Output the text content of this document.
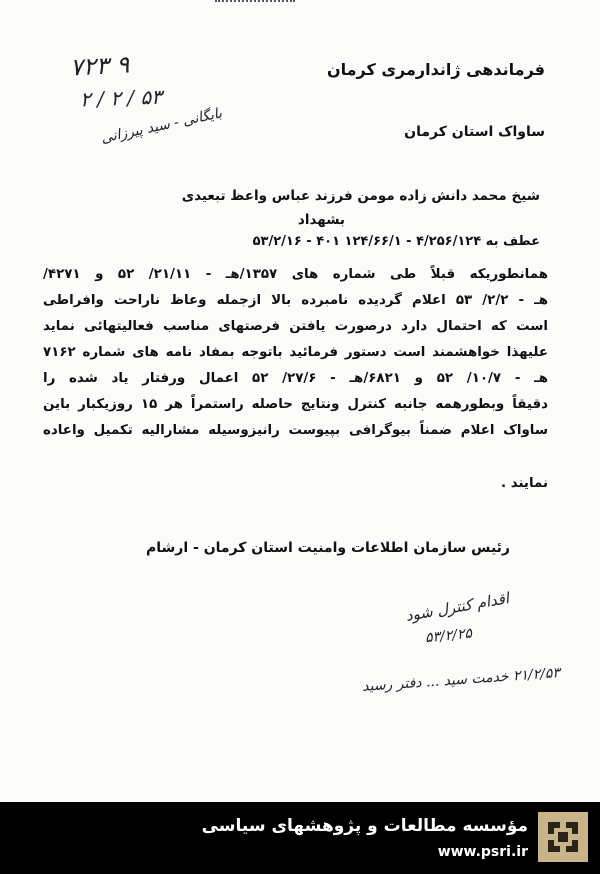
۷۲۳ ۹
۲ / ۲ / ۵۳
فرماندهی ژاندارمری کرمان
بایگانی - سید پیرزانی	ساواک استان کرمان
شیخ محمد دانش زاده مومن فرزند عباس واعظ تبعیدی
بشهداد
عطف به ۴/۲۵۶/۱۲۴ - ۱۲۴/۶۶/۱ ۴۰۱ - ۵۳/۲/۱۶
همانطوریکه قبلاً طی شماره های ۱۳۵۷/هـ - ۲۱/۱۱/ ۵۲ و ۴۲۷۱/
هـ - ۲/۲/ ۵۳ اعلام گردیده نامبرده بالا ازجمله وعاظ ناراحت وافراطی
است که احتمال دارد درصورت یافتن فرصتهای مناسب فعالیتهائی نماید
علیهذا خواهشمند است دستور فرمائید باتوجه بمفاد نامه های شماره ۷۱۶۲
هـ - ۱۰/۷/ ۵۲ و ۶۸۲۱/هـ - ۲۷/۶/ ۵۲ اعمال ورفتار یاد شده را
دقیقاً وبطورهمه جانبه کنترل ونتایج حاصله راستمراً هر ۱۵ روزیکبار باین
ساواک اعلام ضمناً بیوگرافی بپیوست رانیزوسیله مشارالیه تکمیل واعاده
نمایند .
رئیس سازمان اطلاعات وامنیت استان کرمان - ارشام
اقدام کنترل شود
۵۳/۲/۲۵
۲۱/۲/۵۳ خدمت سید ... دفتر رسید
مؤسسه مطالعات و پژوهشهای سیاسی
www.psri.ir
